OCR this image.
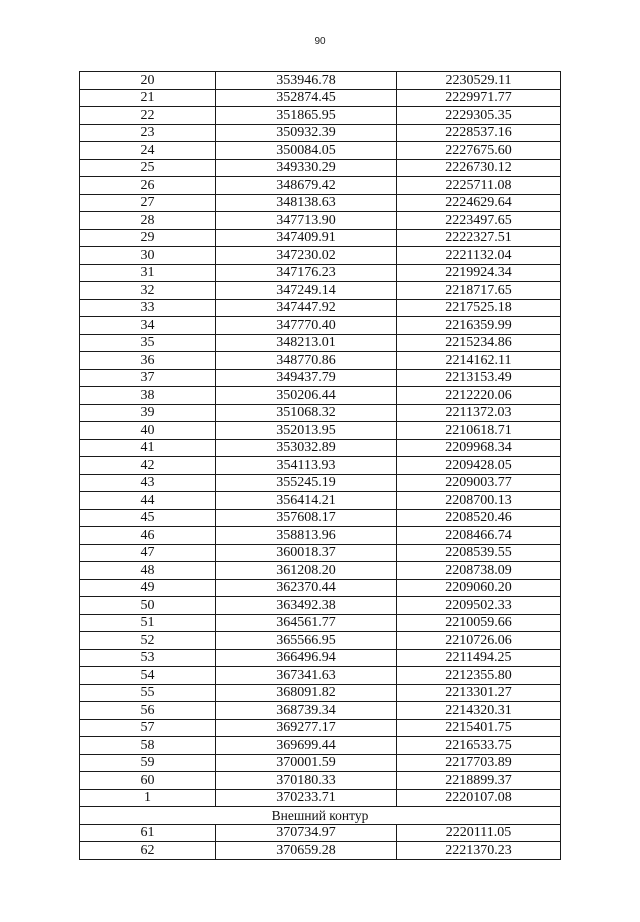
90
20	353946.78	2230529.11
21	352874.45	2229971.77
22	351865.95	2229305.35
23	350932.39	2228537.16
24	350084.05	2227675.60
25	349330.29	2226730.12
26	348679.42	2225711.08
27	348138.63	2224629.64
28	347713.90	2223497.65
29	347409.91	2222327.51
30	347230.02	2221132.04
31	347176.23	2219924.34
32	347249.14	2218717.65
33	347447.92	2217525.18
34	347770.40	2216359.99
35	348213.01	2215234.86
36	348770.86	2214162.11
37	349437.79	2213153.49
38	350206.44	2212220.06
39	351068.32	2211372.03
40	352013.95	2210618.71
41	353032.89	2209968.34
42	354113.93	2209428.05
43	355245.19	2209003.77
44	356414.21	2208700.13
45	357608.17	2208520.46
46	358813.96	2208466.74
47	360018.37	2208539.55
48	361208.20	2208738.09
49	362370.44	2209060.20
50	363492.38	2209502.33
51	364561.77	2210059.66
52	365566.95	2210726.06
53	366496.94	2211494.25
54	367341.63	2212355.80
55	368091.82	2213301.27
56	368739.34	2214320.31
57	369277.17	2215401.75
58	369699.44	2216533.75
59	370001.59	2217703.89
60	370180.33	2218899.37
1	370233.71	2220107.08
Внешний контур		
61	370734.97	2220111.05
62	370659.28	2221370.23
